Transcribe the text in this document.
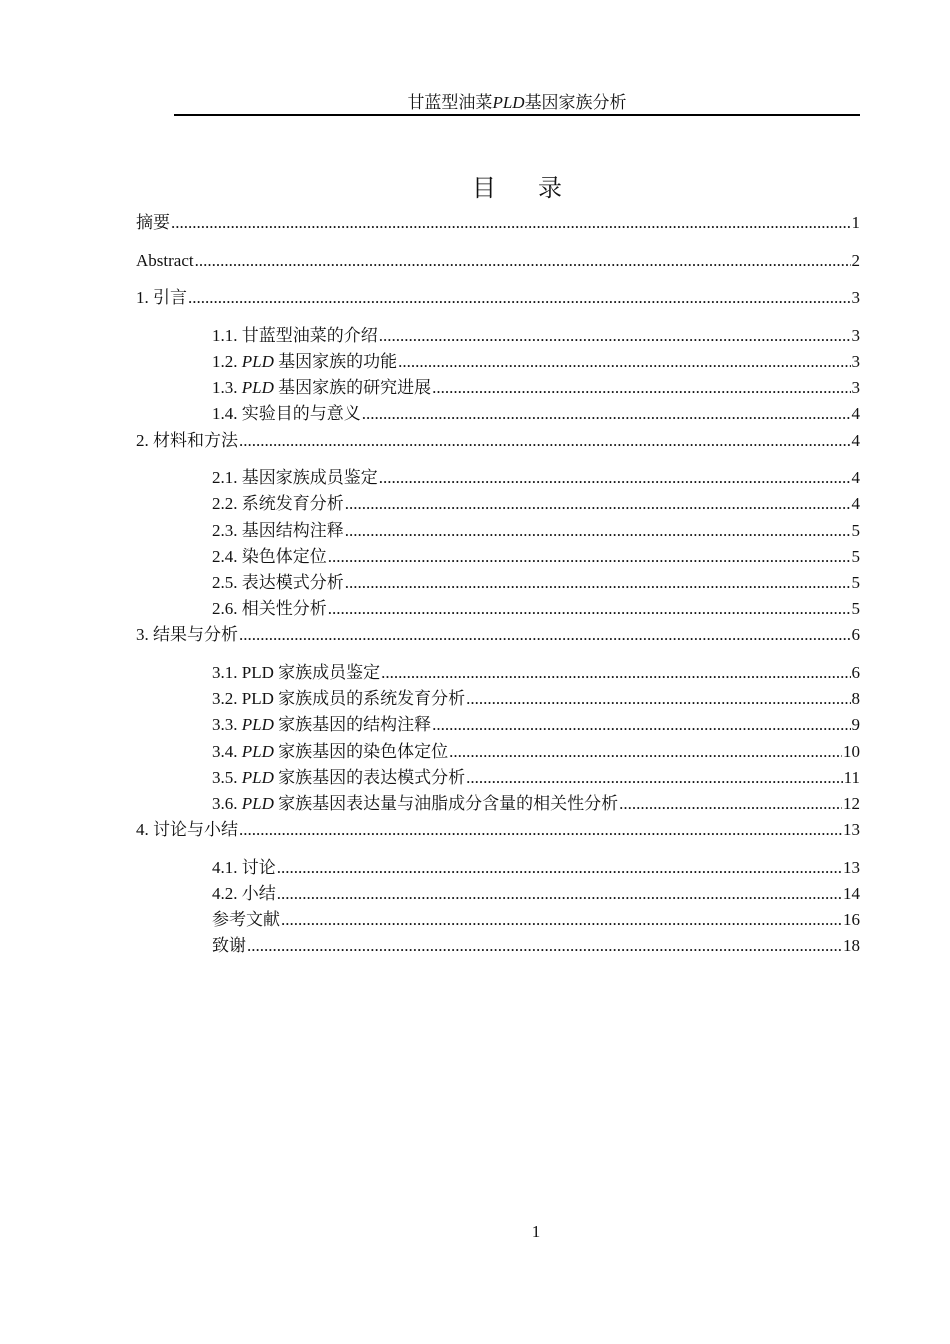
甘蓝型油菜PLD基因家族分析
目 录
摘要 .....	1
Abstract .....	2
1. 引言 .....	3
1.1. 甘蓝型油菜的介绍 .....	3
1.2. PLD 基因家族的功能 .....	3
1.3. PLD 基因家族的研究进展 .....	3
1.4. 实验目的与意义 .....	4
2. 材料和方法 .....	4
2.1. 基因家族成员鉴定 .....	4
2.2. 系统发育分析 .....	4
2.3. 基因结构注释 .....	5
2.4. 染色体定位 .....	5
2.5. 表达模式分析 .....	5
2.6. 相关性分析 .....	5
3. 结果与分析 .....	6
3.1. PLD 家族成员鉴定 .....	6
3.2. PLD 家族成员的系统发育分析 .....	8
3.3. PLD 家族基因的结构注释 .....	9
3.4. PLD 家族基因的染色体定位 .....	10
3.5. PLD 家族基因的表达模式分析 .....	11
3.6. PLD 家族基因表达量与油脂成分含量的相关性分析 .....	12
4. 讨论与小结 .....	13
4.1. 讨论 .....	13
4.2. 小结 .....	14
参考文献 .....	16
致谢 .....	18
1
